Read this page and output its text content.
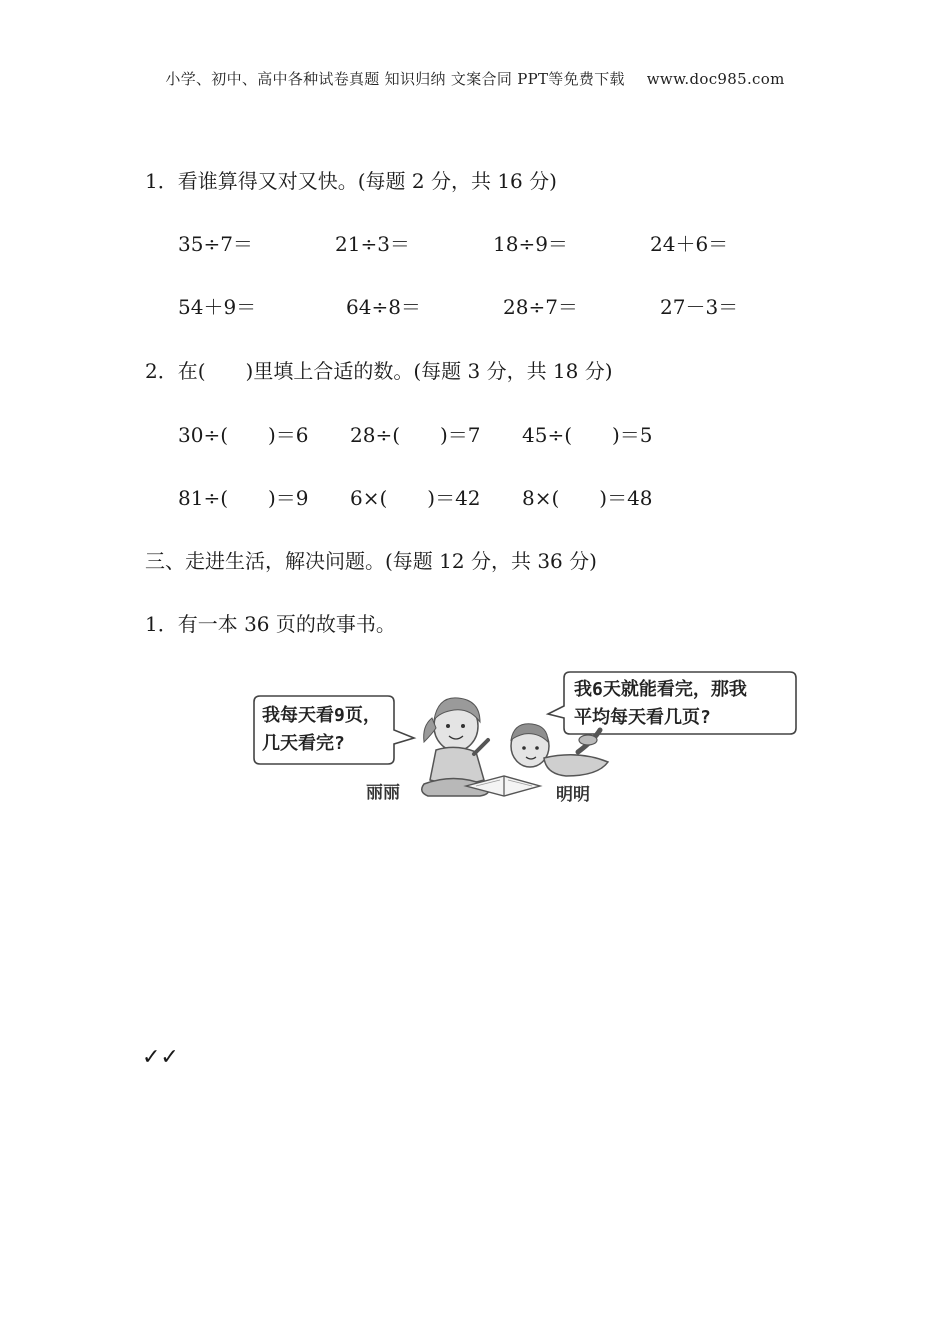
小学、初中、高中各种试卷真题 知识归纳 文案合同 PPT等免费下载 www.doc985.com
1．看谁算得又对又快。(每题 2 分，共 16 分)
35÷7＝	21÷3＝	18÷9＝	24＋6＝
54＋9＝	64÷8＝	28÷7＝	27－3＝
2．在(　　)里填上合适的数。(每题 3 分，共 18 分)
30÷(　　)＝6 28÷(　　)＝7 45÷(　　)＝5
81÷(　　)＝9 6×(　　)＝42 8×(　　)＝48
三、走进生活，解决问题。(每题 12 分，共 36 分)
1．有一本 36 页的故事书。
我每天看9页，
几天看完?
我6天就能看完，那我
平均每天看几页?
丽丽	明明
✓✓
